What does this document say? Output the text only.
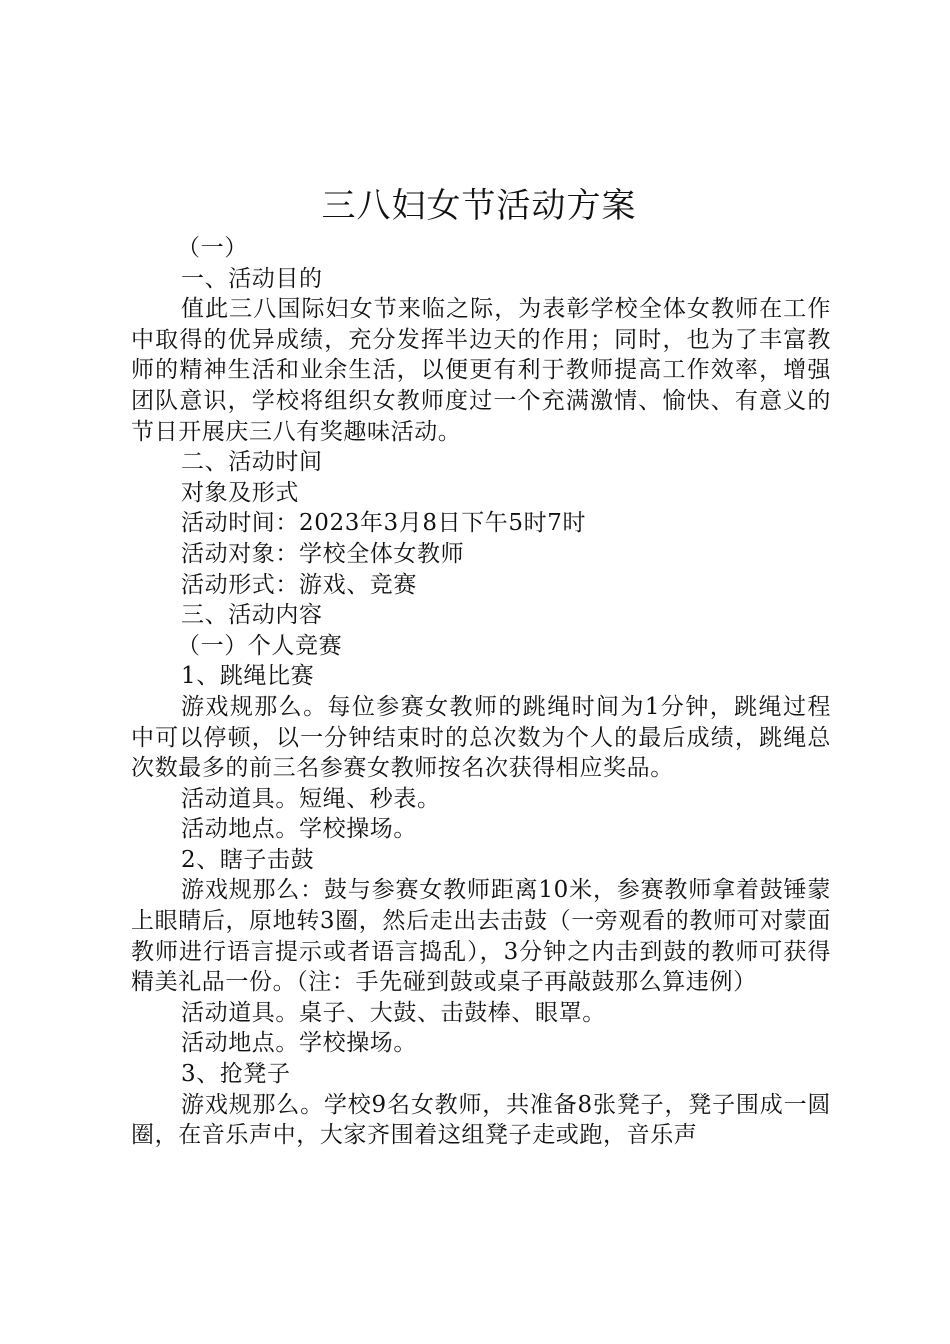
三八妇女节活动方案

（一）

一、活动目的

值此三八国际妇女节来临之际，为表彰学校全体女教师在工作中取得的优异成绩，充分发挥半边天的作用；同时，也为了丰富教师的精神生活和业余生活，以便更有利于教师提高工作效率，增强团队意识，学校将组织女教师度过一个充满激情、愉快、有意义的节日开展庆三八有奖趣味活动。

二、活动时间

对象及形式

活动时间：2023年3月8日下午5时7时

活动对象：学校全体女教师

活动形式：游戏、竞赛

三、活动内容

（一）个人竞赛

1、跳绳比赛

游戏规那么。每位参赛女教师的跳绳时间为1分钟，跳绳过程中可以停顿，以一分钟结束时的总次数为个人的最后成绩，跳绳总次数最多的前三名参赛女教师按名次获得相应奖品。

活动道具。短绳、秒表。

活动地点。学校操场。

2、瞎子击鼓

游戏规那么：鼓与参赛女教师距离10米，参赛教师拿着鼓锤蒙上眼睛后，原地转3圈，然后走出去击鼓（一旁观看的教师可对蒙面教师进行语言提示或者语言捣乱），3分钟之内击到鼓的教师可获得精美礼品一份。（注：手先碰到鼓或桌子再敲鼓那么算违例）

活动道具。桌子、大鼓、击鼓棒、眼罩。

活动地点。学校操场。

3、抢凳子

游戏规那么。学校9名女教师，共准备8张凳子，凳子围成一圆圈，在音乐声中，大家齐围着这组凳子走或跑，音乐声
